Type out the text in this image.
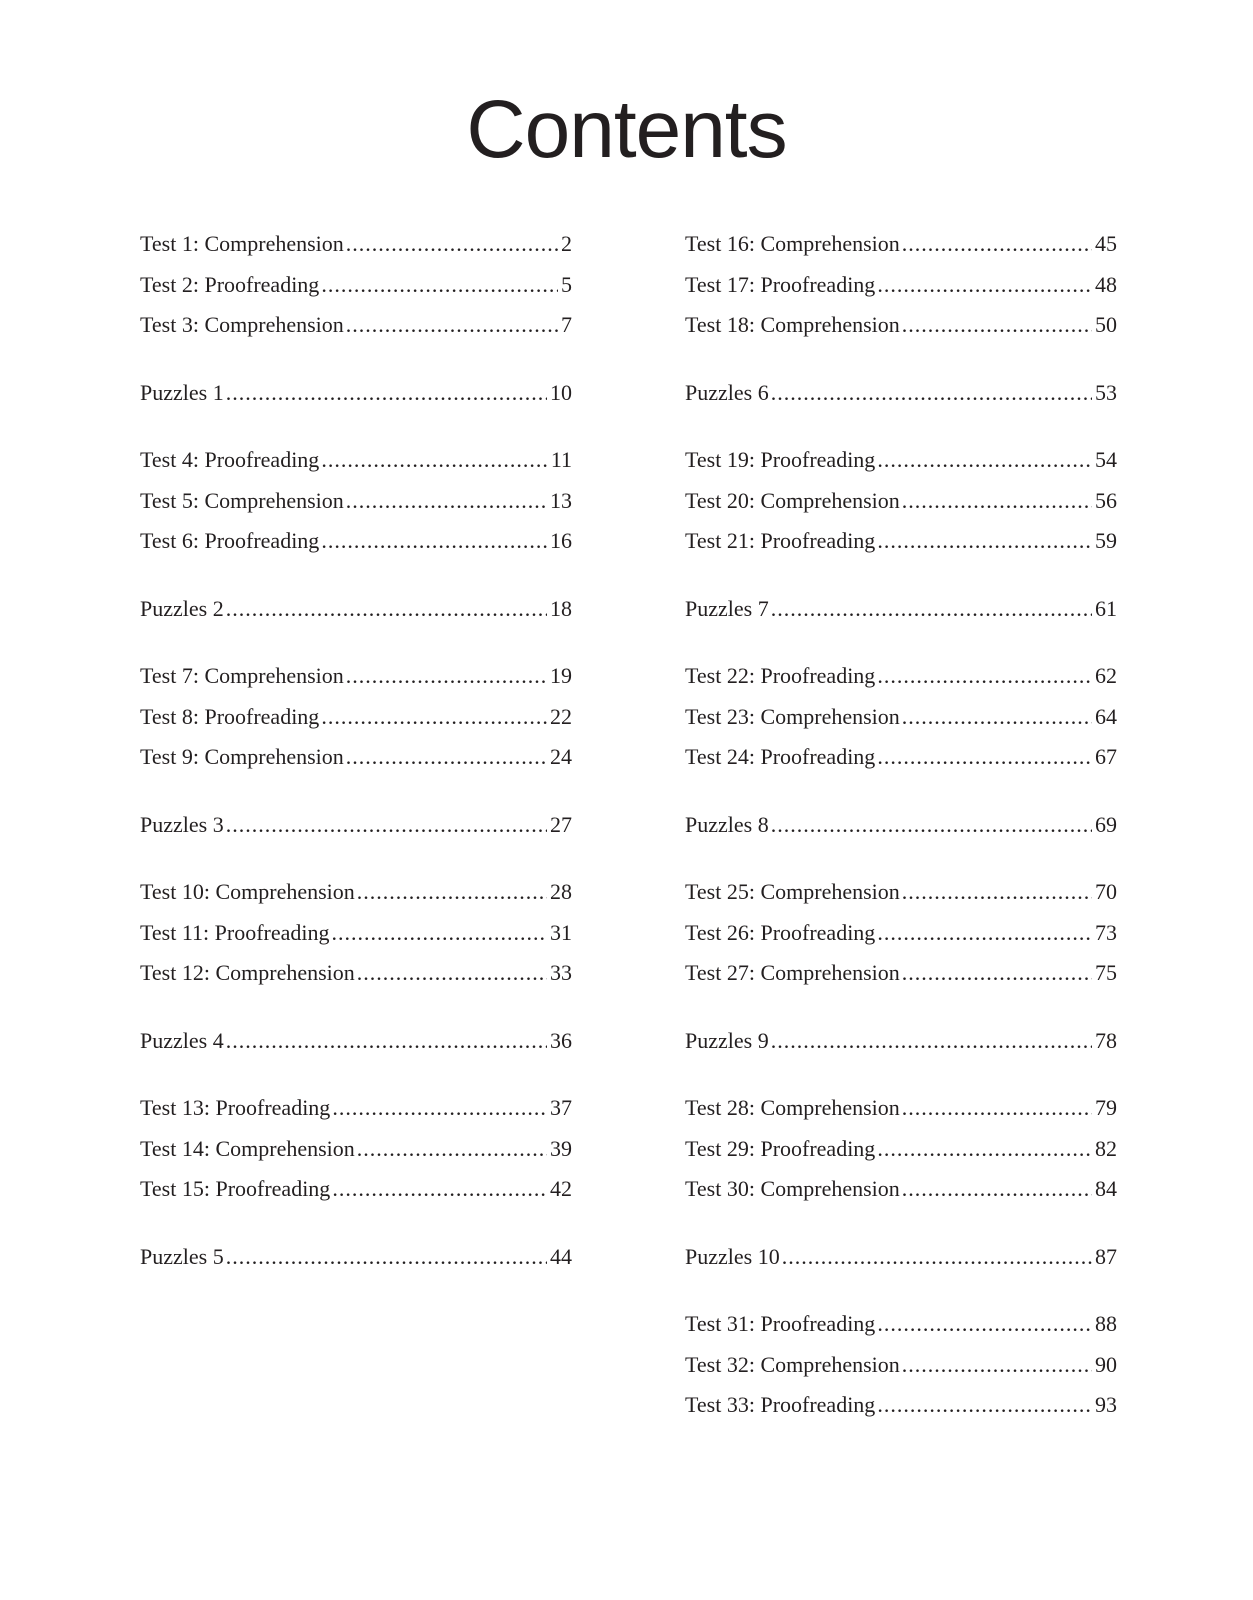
Contents
Test 1: Comprehension .....	2
Test 2: Proofreading .....	5
Test 3: Comprehension .....	7
Puzzles 1 .....	10
Test 4: Proofreading .....	11
Test 5: Comprehension .....	13
Test 6: Proofreading .....	16
Puzzles 2 .....	18
Test 7: Comprehension .....	19
Test 8: Proofreading .....	22
Test 9: Comprehension .....	24
Puzzles 3 .....	27
Test 10: Comprehension .....	28
Test 11: Proofreading .....	31
Test 12: Comprehension .....	33
Puzzles 4 .....	36
Test 13: Proofreading .....	37
Test 14: Comprehension .....	39
Test 15: Proofreading .....	42
Puzzles 5 .....	44
Test 16: Comprehension .....	45
Test 17: Proofreading .....	48
Test 18: Comprehension .....	50
Puzzles 6 .....	53
Test 19: Proofreading .....	54
Test 20: Comprehension .....	56
Test 21: Proofreading .....	59
Puzzles 7 .....	61
Test 22: Proofreading .....	62
Test 23: Comprehension .....	64
Test 24: Proofreading .....	67
Puzzles 8 .....	69
Test 25: Comprehension .....	70
Test 26: Proofreading .....	73
Test 27: Comprehension .....	75
Puzzles 9 .....	78
Test 28: Comprehension .....	79
Test 29: Proofreading .....	82
Test 30: Comprehension .....	84
Puzzles 10 .....	87
Test 31: Proofreading .....	88
Test 32: Comprehension .....	90
Test 33: Proofreading .....	93
